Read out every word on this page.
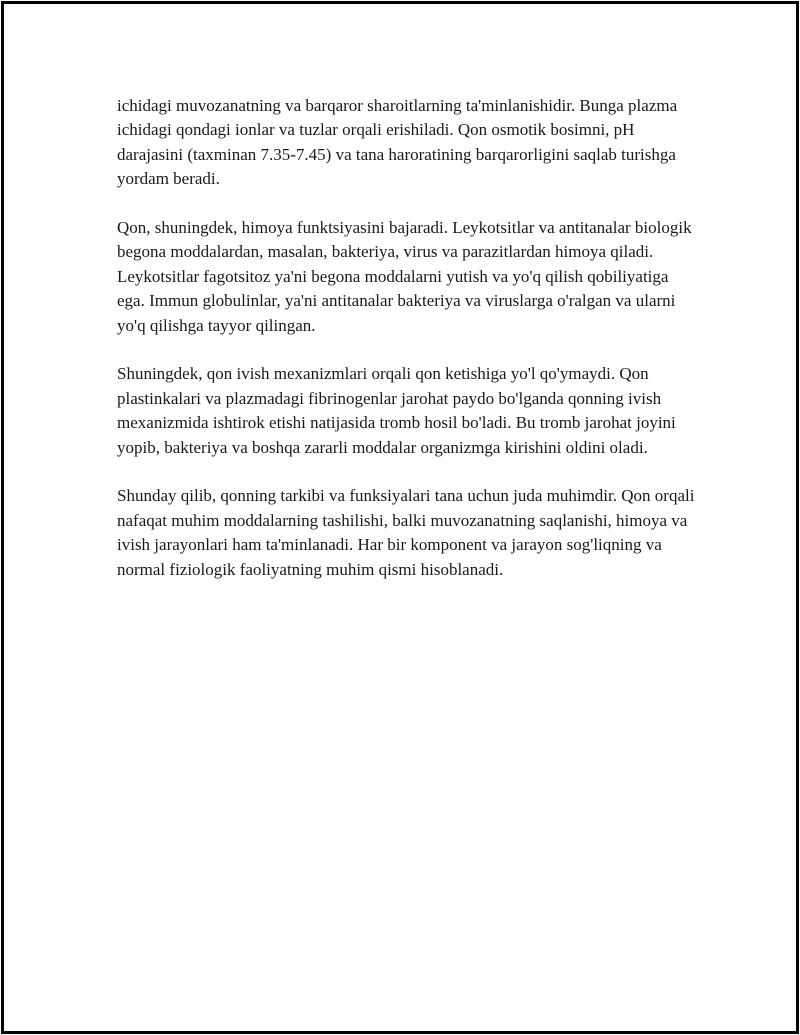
ichidagi muvozanatning va barqaror sharoitlarning ta'minlanishidir. Bunga plazma ichidagi qondagi ionlar va tuzlar orqali erishiladi. Qon osmotik bosimni, pH darajasini (taxminan 7.35-7.45) va tana haroratining barqarorligini saqlab turishga yordam beradi.

Qon, shuningdek, himoya funktsiyasini bajaradi. Leykotsitlar va antitanalar biologik begona moddalardan, masalan, bakteriya, virus va parazitlardan himoya qiladi. Leykotsitlar fagotsitoz ya'ni begona moddalarni yutish va yo'q qilish qobiliyatiga ega. Immun globulinlar, ya'ni antitanalar bakteriya va viruslarga o'ralgan va ularni yo'q qilishga tayyor qilingan.

Shuningdek, qon ivish mexanizmlari orqali qon ketishiga yo'l qo'ymaydi. Qon plastinkalari va plazmadagi fibrinogenlar jarohat paydo bo'lganda qonning ivish mexanizmida ishtirok etishi natijasida tromb hosil bo'ladi. Bu tromb jarohat joyini yopib, bakteriya va boshqa zararli moddalar organizmga kirishini oldini oladi.

Shunday qilib, qonning tarkibi va funksiyalari tana uchun juda muhimdir. Qon orqali nafaqat muhim moddalarning tashilishi, balki muvozanatning saqlanishi, himoya va ivish jarayonlari ham ta'minlanadi. Har bir komponent va jarayon sog'liqning va normal fiziologik faoliyatning muhim qismi hisoblanadi.
